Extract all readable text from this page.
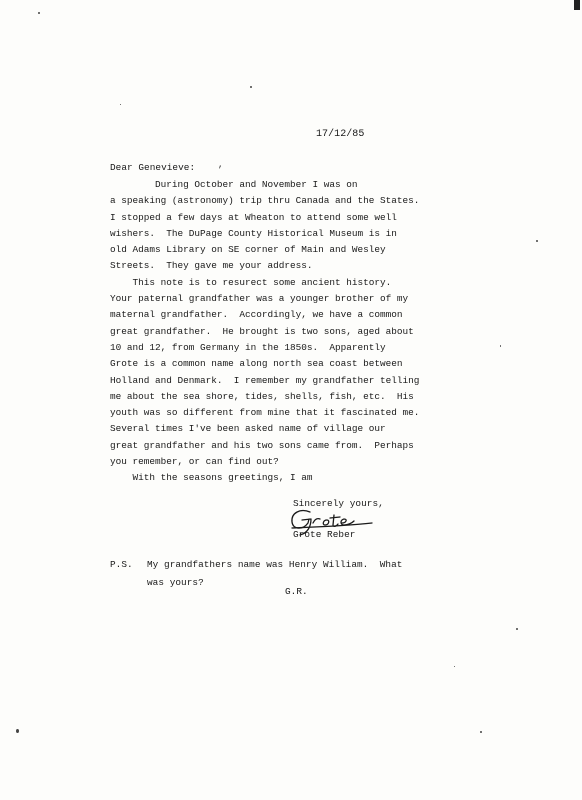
17/12/85
Dear Genevieve:	,
During October and November I was on
a speaking (astronomy) trip thru Canada and the States.
I stopped a few days at Wheaton to attend some well
wishers.  The DuPage County Historical Museum is in
old Adams Library on SE corner of Main and Wesley
Streets.  They gave me your address.
This note is to resurect some ancient history.
Your paternal grandfather was a younger brother of my
maternal grandfather.  Accordingly, we have a common
great grandfather.  He brought is two sons, aged about
10 and 12, from Germany in the 1850s.  Apparently
Grote is a common name along north sea coast between
Holland and Denmark.  I remember my grandfather telling
me about the sea shore, tides, shells, fish, etc.  His
youth was so different from mine that it fascinated me.
Several times I've been asked name of village our
great grandfather and his two sons came from.  Perhaps
you remember, or can find out?
With the seasons greetings, I am
Sincerely yours,
Grote Reber
P.S. My grandfathers name was Henry William.  What
was yours?
G.R.
